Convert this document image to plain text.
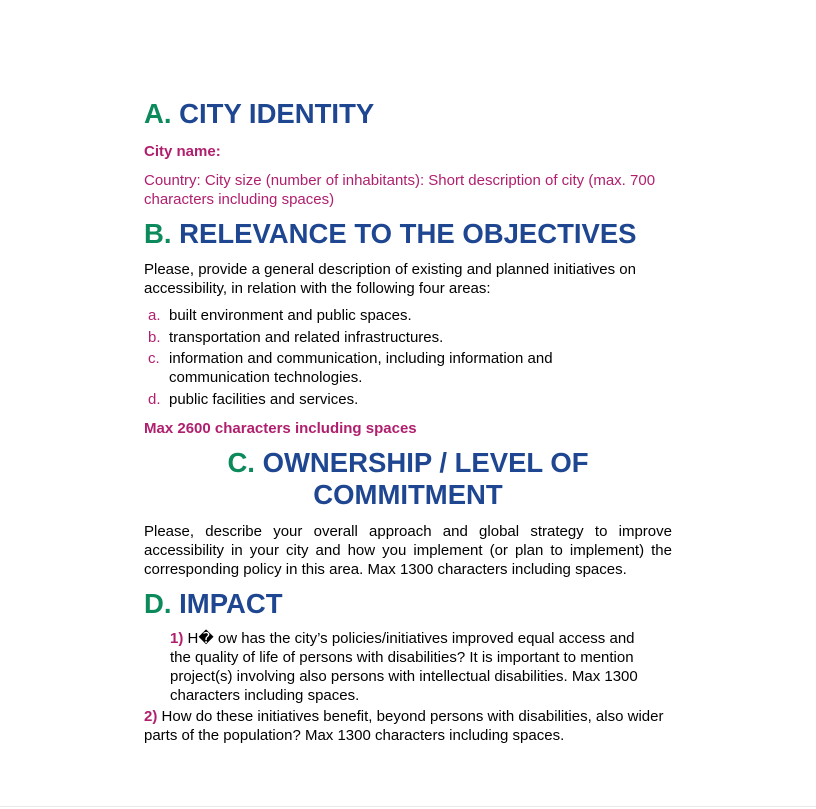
A. CITY IDENTITY
City name:
Country: City size (number of inhabitants): Short description of city (max. 700 characters including spaces)
B. RELEVANCE TO THE OBJECTIVES

Please, provide a general description of existing and planned initiatives on accessibility, in relation with the following four areas:

a. built environment and public spaces.
b. transportation and related infrastructures.
c. information and communication, including information and communication technologies.
d. public facilities and services.
Max 2600 characters including spaces
C. OWNERSHIP / LEVEL OF
COMMITMENT

Please, describe your overall approach and global strategy to improve accessibility in your city and how you implement (or plan to implement) the corresponding policy in this area. Max 1300 characters including spaces.

D. IMPACT

1) H� ow has the city’s policies/initiatives improved equal access and the quality of life of persons with disabilities? It is important to mention project(s) involving also persons with intellectual disabilities. Max 1300 characters including spaces.

2) How do these initiatives benefit, beyond persons with disabilities, also wider parts of the population? Max 1300 characters including spaces.
